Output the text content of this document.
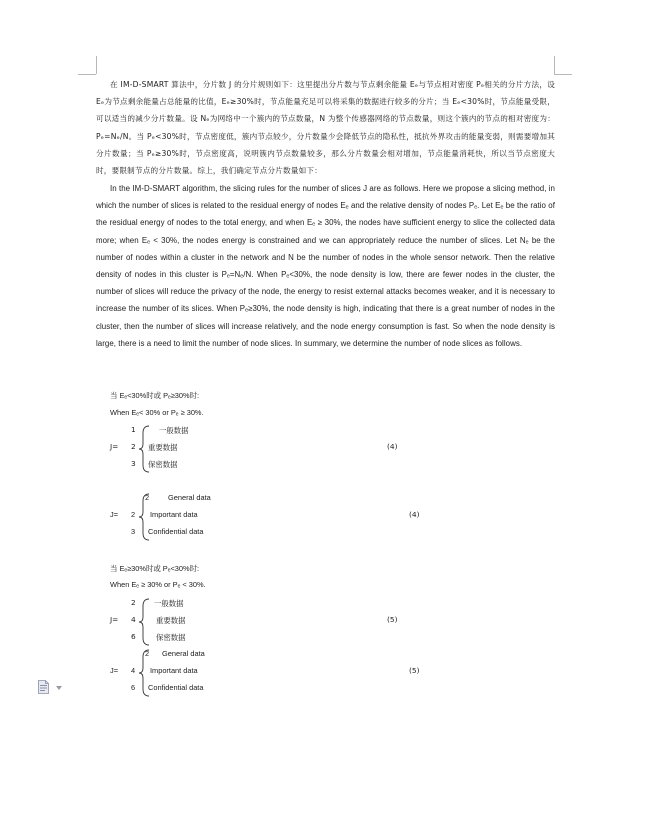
在 IM-D-SMART 算法中，分片数 J 的分片规则如下：这里提出分片数与节点剩余能量 Eₑ与节点相对密度 Pₑ相关的分片方法，设 Eₑ为节点剩余能量占总能量的比值，Eₑ≥30%时，节点能量充足可以将采集的数据进行较多的分片；当 Eₑ<30%时，节点能量受限，可以适当的减少分片数量。设 Nₑ为网络中一个簇内的节点数量，N 为整个传感器网络的节点数量，则这个簇内的节点的相对密度为：Pₑ=Nₑ/N。当 Pₑ<30%时，节点密度低，簇内节点较少，分片数量少会降低节点的隐私性，抵抗外界攻击的能量变弱，则需要增加其分片数量；当 Pₑ≥30%时，节点密度高，说明簇内节点数量较多，那么分片数量会相对增加，节点能量消耗快，所以当节点密度大时，要限制节点的分片数量。综上，我们确定节点分片数量如下：

In the IM-D-SMART algorithm, the slicing rules for the number of slices J are as follows. Here we propose a slicing method, in which the number of slices is related to the residual energy of nodes Eₑ and the relative density of nodes Pₑ. Let Eₑ be the ratio of the residual energy of nodes to the total energy, and when Eₑ ≥ 30%, the nodes have sufficient energy to slice the collected data more; when Eₑ < 30%, the nodes energy is constrained and we can appropriately reduce the number of slices. Let Nₑ be the number of nodes within a cluster in the network and N be the number of nodes in the whole sensor network. Then the relative density of nodes in this cluster is Pₑ=Nₑ/N. When Pₑ<30%, the node density is low, there are fewer nodes in the cluster, the number of slices will reduce the privacy of the node, the energy to resist external attacks becomes weaker, and it is necessary to increase the number of its slices. When Pₑ≥30%, the node density is high, indicating that there is a great number of nodes in the cluster, then the number of slices will increase relatively, and the node energy consumption is fast. So when the node density is large, there is a need to limit the number of node slices. In summary, we determine the number of node slices as follows.

当 Eₑ<30%时或 Pₑ≥30%时:
When Eₑ< 30% or Pₑ ≥ 30%.
J=
1	一般数据
2 重要数据
3 保密数据
(4)
J=
2	General data
2 Important data
3 Confidential data
(4)
当 Eₑ≥30%时或 Pₑ<30%时:
When Eₑ ≥ 30% or Pₑ < 30%.
J=
2 一般数据
4	重要数据
6	保密数据
(5)
J=
2 General data
4 Important data
6 Confidential data
(5)
